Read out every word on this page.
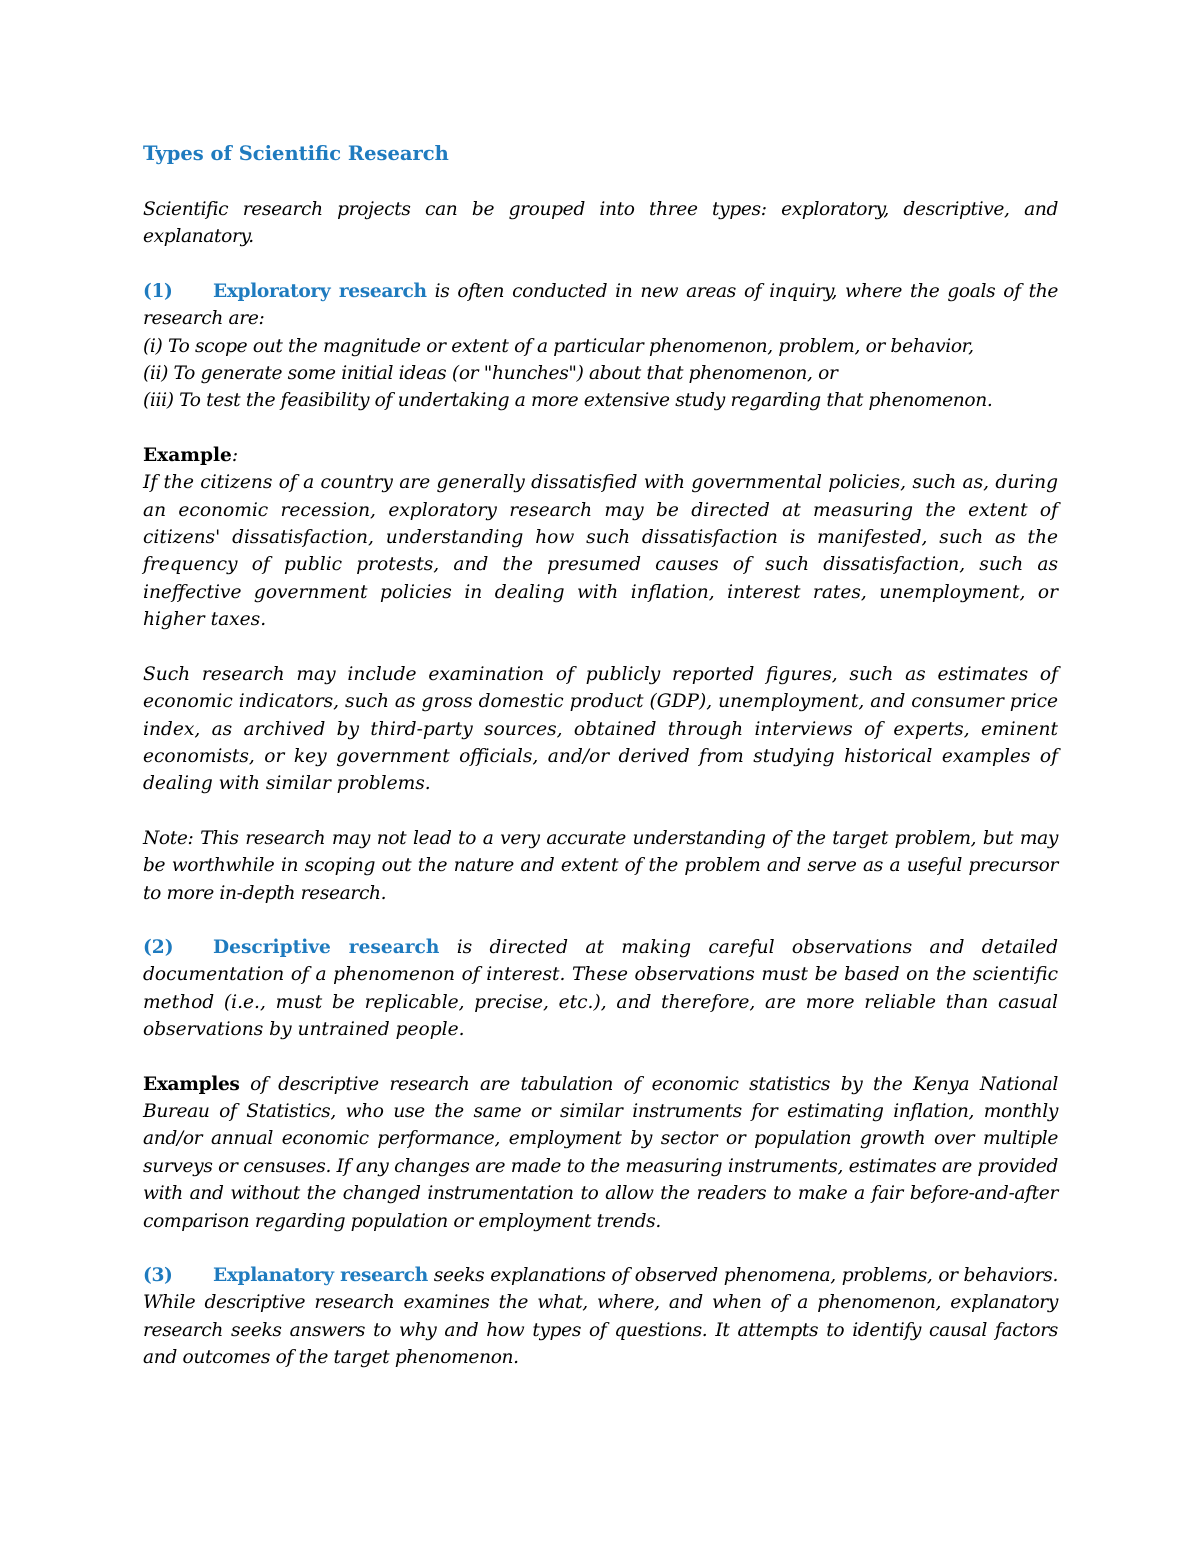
Types of Scientific Research

Scientific research projects can be grouped into three types: exploratory, descriptive, and explanatory.

(1) Exploratory research is often conducted in new areas of inquiry, where the goals of the research are:

(i) To scope out the magnitude or extent of a particular phenomenon, problem, or behavior,
(ii) To generate some initial ideas (or "hunches") about that phenomenon, or
(iii) To test the feasibility of undertaking a more extensive study regarding that phenomenon.

Example:

If the citizens of a country are generally dissatisfied with governmental policies, such as, during an economic recession, exploratory research may be directed at measuring the extent of citizens' dissatisfaction, understanding how such dissatisfaction is manifested, such as the frequency of public protests, and the presumed causes of such dissatisfaction, such as ineffective government policies in dealing with inflation, interest rates, unemployment, or higher taxes.

Such research may include examination of publicly reported figures, such as estimates of economic indicators, such as gross domestic product (GDP), unemployment, and consumer price index, as archived by third-party sources, obtained through interviews of experts, eminent economists, or key government officials, and/or derived from studying historical examples of dealing with similar problems.

Note: This research may not lead to a very accurate understanding of the target problem, but may be worthwhile in scoping out the nature and extent of the problem and serve as a useful precursor to more in-depth research.

(2) Descriptive research is directed at making careful observations and detailed documentation of a phenomenon of interest. These observations must be based on the scientific method (i.e., must be replicable, precise, etc.), and therefore, are more reliable than casual observations by untrained people.

Examples of descriptive research are tabulation of economic statistics by the Kenya National Bureau of Statistics, who use the same or similar instruments for estimating inflation, monthly and/or annual economic performance, employment by sector or population growth over multiple surveys or censuses. If any changes are made to the measuring instruments, estimates are provided with and without the changed instrumentation to allow the readers to make a fair before-and-after comparison regarding population or employment trends.

(3) Explanatory research seeks explanations of observed phenomena, problems, or behaviors. While descriptive research examines the what, where, and when of a phenomenon, explanatory research seeks answers to why and how types of questions. It attempts to identify causal factors and outcomes of the target phenomenon.
